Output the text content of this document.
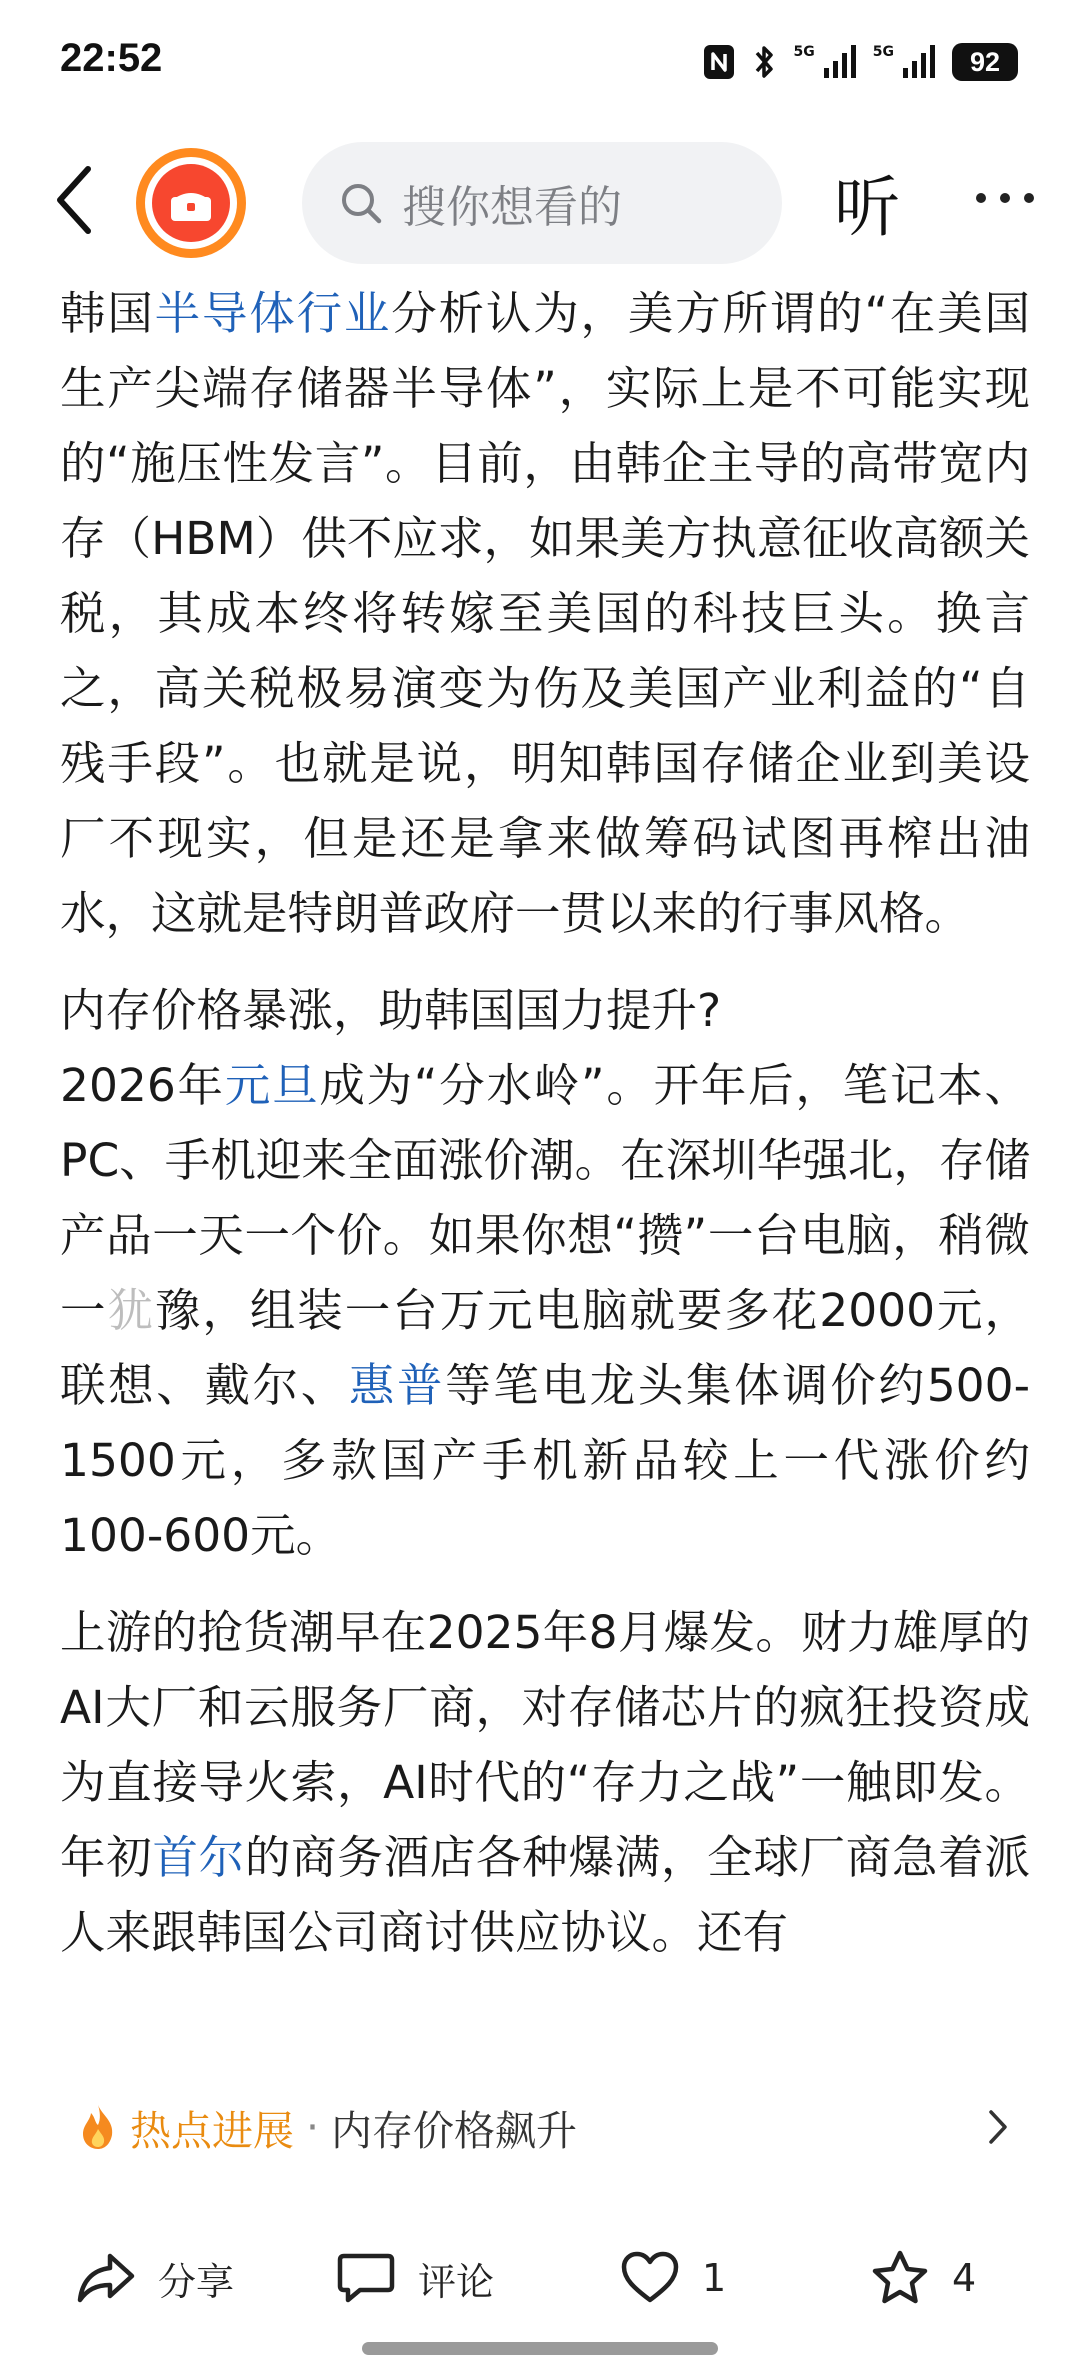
22:52	5G	5G	92
搜你想看的	听

韩国半导体行业分析认为，美方所谓的“在美国生产尖端存储器半导体”，实际上是不可能实现的“施压性发言”。目前，由韩企主导的高带宽内存（HBM）供不应求，如果美方执意征收高额关税，其成本终将转嫁至美国的科技巨头。换言之，高关税极易演变为伤及美国产业利益的“自残手段”。也就是说，明知韩国存储企业到美设厂不现实，但是还是拿来做筹码试图再榨出油水，这就是特朗普政府一贯以来的行事风格。

内存价格暴涨，助韩国国力提升?

2026年元旦成为“分水岭”。开年后，笔记本、PC、手机迎来全面涨价潮。在深圳华强北，存储产品一天一个价。如果你想“攒”一台电脑，稍微一犹豫，组装一台万元电脑就要多花2000元，联想、戴尔、惠普等笔电龙头集体调价约500-1500元，多款国产手机新品较上一代涨价约100-600元。

上游的抢货潮早在2025年8月爆发。财力雄厚的AI大厂和云服务厂商，对存储芯片的疯狂投资成为直接导火索，AI时代的“存力之战”一触即发。年初首尔的商务酒店各种爆满，全球厂商急着派人来跟韩国公司商讨供应协议。还有

热点进展 · 内存价格飙升
分享	评论	1	4
